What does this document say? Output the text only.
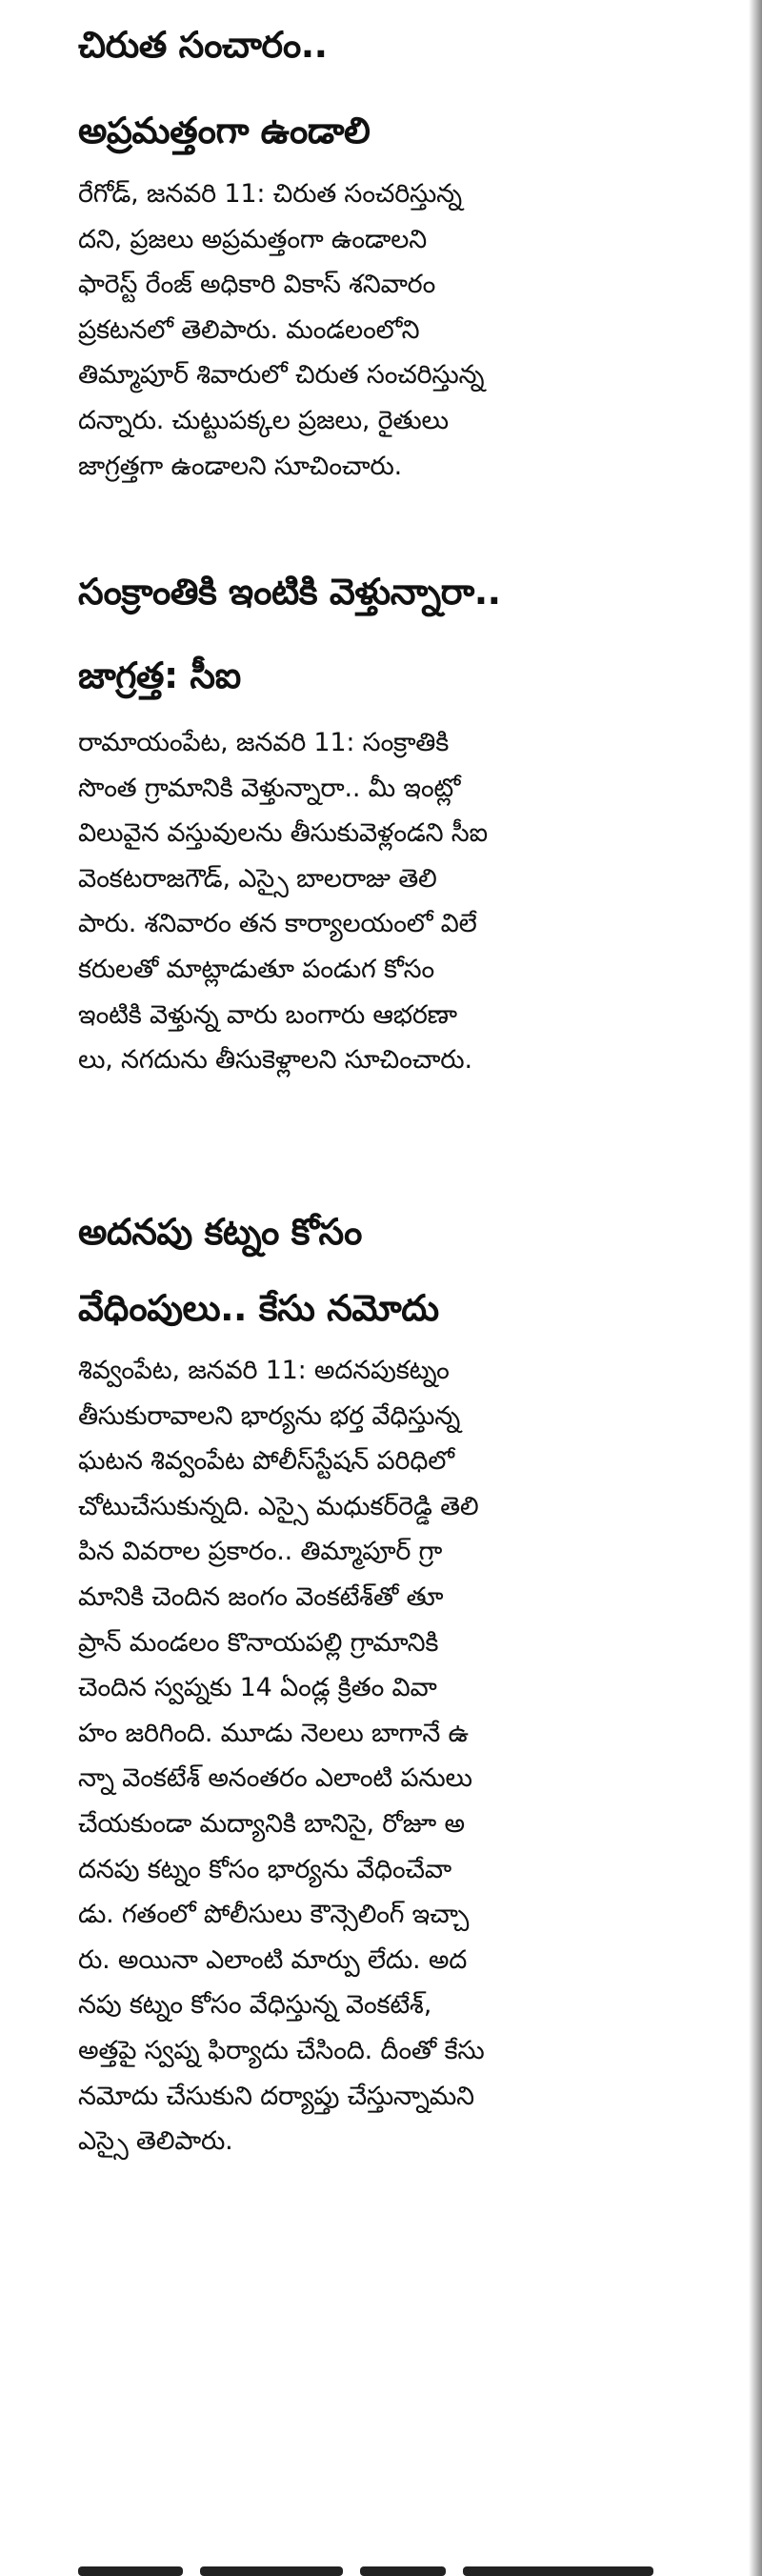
చిరుత సంచారం..
అప్రమత్తంగా ఉండాలి

రేగోడ్, జనవరి 11: చిరుత సంచరిస్తున్న
దని, ప్రజలు అప్రమత్తంగా ఉండాలని
ఫారెస్ట్ రేంజ్ అధికారి వికాస్ శనివారం
ప్రకటనలో తెలిపారు. మండలంలోని
తిమ్మాపూర్ శివారులో చిరుత సంచరిస్తున్న
దన్నారు. చుట్టుపక్కల ప్రజలు, రైతులు
జాగ్రత్తగా ఉండాలని సూచించారు.

సంక్రాంతికి ఇంటికి వెళ్తున్నారా..
జాగ్రత్త: సీఐ

రామాయంపేట, జనవరి 11: సంక్రాతికి
సొంత గ్రామానికి వెళ్తున్నారా.. మీ ఇంట్లో
విలువైన వస్తువులను తీసుకువెళ్లండని సీఐ
వెంకటరాజగౌడ్, ఎస్సై బాలరాజు తెలి
పారు. శనివారం తన కార్యాలయంలో విలే
కరులతో మాట్లాడుతూ పండుగ కోసం
ఇంటికి వెళ్తున్న వారు బంగారు ఆభరణా
లు, నగదును తీసుకెళ్లాలని సూచించారు.

అదనపు కట్నం కోసం
వేధింపులు.. కేసు నమోదు

శివ్వంపేట, జనవరి 11: అదనపుకట్నం
తీసుకురావాలని భార్యను భర్త వేధిస్తున్న
ఘటన శివ్వంపేట పోలీస్‌స్టేషన్ పరిధిలో
చోటుచేసుకున్నది. ఎస్సై మధుకర్‌రెడ్డి తెలి
పిన వివరాల ప్రకారం.. తిమ్మాపూర్ గ్రా
మానికి చెందిన జంగం వెంకటేశ్‌తో తూ
ప్రాన్ మండలం కొనాయపల్లి గ్రామానికి
చెందిన స్వప్నకు 14 ఏండ్ల క్రితం వివా
హం జరిగింది. మూడు నెలలు బాగానే ఉ
న్నా వెంకటేశ్ అనంతరం ఎలాంటి పనులు
చేయకుండా మద్యానికి బానిసై, రోజూ అ
దనపు కట్నం కోసం భార్యను వేధించేవా
డు. గతంలో పోలీసులు కౌన్సెలింగ్ ఇచ్చా
రు. అయినా ఎలాంటి మార్పు లేదు. అద
నపు కట్నం కోసం వేధిస్తున్న వెంకటేశ్,
అత్తపై స్వప్న ఫిర్యాదు చేసింది. దీంతో కేసు
నమోదు చేసుకుని దర్యాప్తు చేస్తున్నామని
ఎస్సై తెలిపారు.
